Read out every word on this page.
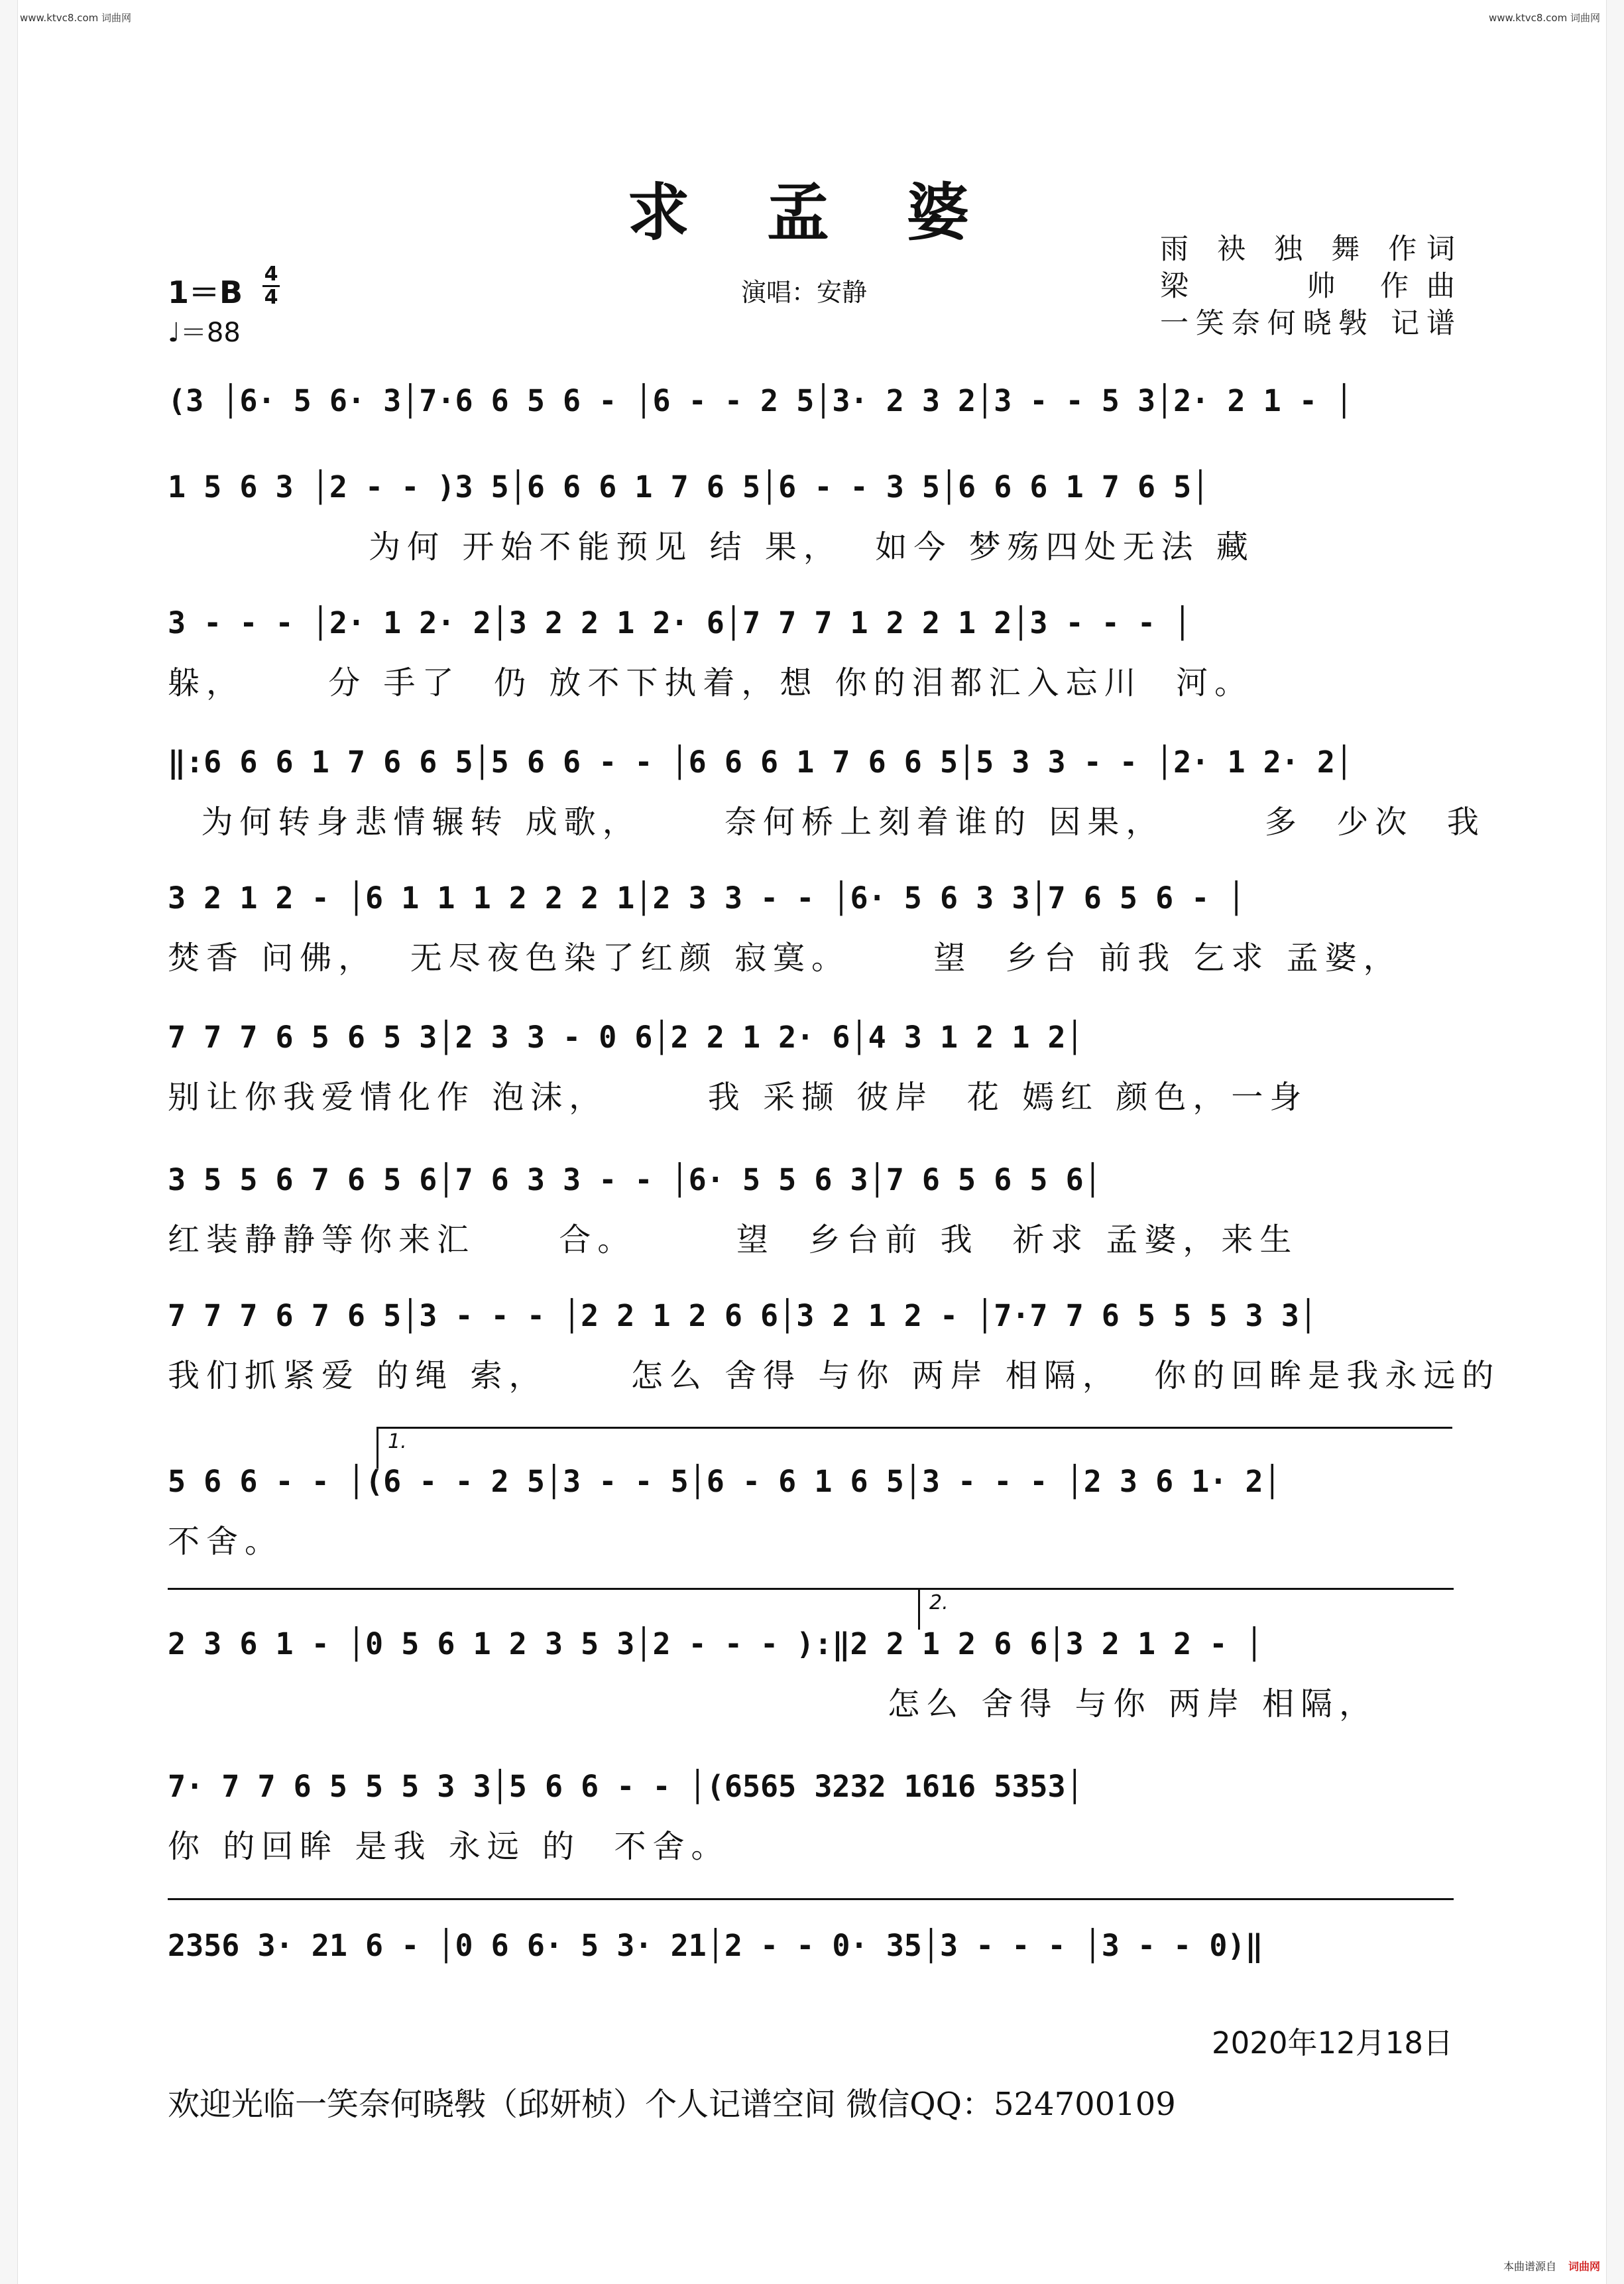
www.ktvc8.com 词曲网	www.ktvc8.com 词曲网
求 孟 婆	雨 袂 独 舞 作词
梁 　 帅 作曲
一笑奈何晓斅 记谱
1＝B
4
4
♩＝88
演唱：安静
(3 │6· 5 6· 3│7·6 6 5 6 - │6 - - 2 5│3· 2 3 2│3 - - 5 3│2· 2 1 - │
1 5 6 3 │2 - - )3 5│6 6 6 1 7 6 5│6 - - 3 5│6 6 6 1 7 6 5│
为何 开始不能预见 结 果，  如今 梦殇四处无法 藏
3 - - - │2· 1 2· 2│3 2 2 1 2· 6│7 7 7 1 2 2 1 2│3 - - - │
躲，     分 手了  仍 放不下执着，想 你的泪都汇入忘川  河。
‖:6 6 6 1 7 6 6 5│5 6 6 - - │6 6 6 1 7 6 6 5│5 3 3 - - │2· 1 2· 2│
为何转身悲情辗转 成歌，     奈何桥上刻着谁的 因果，      多  少次  我
3 2 1 2 - │6 1 1 1 2 2 2 1│2 3 3 - - │6· 5 6 3 3│7 6 5 6 - │
焚香 问佛，  无尽夜色染了红颜 寂寞。     望  乡台 前我 乞求 孟婆，
7 7 7 6 5 6 5 3│2 3 3 - 0 6│2 2 1 2· 6│4 3 1 2 1 2│
别让你我爱情化作 泡沫，      我 采撷 彼岸  花 嫣红 颜色，一身
3 5 5 6 7 6 5 6│7 6 3 3 - - │6· 5 5 6 3│7 6 5 6 5 6│
红装静静等你来汇     合。      望  乡台前 我  祈求 孟婆，来生
7 7 7 6 7 6 5│3 - - - │2 2 1 2 6 6│3 2 1 2 - │7·7 7 6 5 5 5 3 3│
我们抓紧爱 的绳 索，     怎么 舍得 与你 两岸 相隔，  你的回眸是我永远的
1.
5 6 6 - - │(6 - - 2 5│3 - - 5│6 - 6 1 6 5│3 - - - │2 3 6 1· 2│
不舍。
2.
2 3 6 1 - │0 5 6 1 2 3 5 3│2 - - - ):‖2 2 1 2 6 6│3 2 1 2 - │
怎么 舍得 与你 两岸 相隔，
7· 7 7 6 5 5 5 3 3│5 6 6 - - │(6565 3232 1616 5353│
你 的回眸 是我 永远 的  不舍。
2356 3· 21 6 - │0 6 6· 5 3· 21│2 - - 0· 35│3 - - - │3 - - 0)‖
2020年12月18日
欢迎光临一笑奈何晓斅（邱妍桢）个人记谱空间 微信QQ：524700109
本曲谱源自 词曲网
